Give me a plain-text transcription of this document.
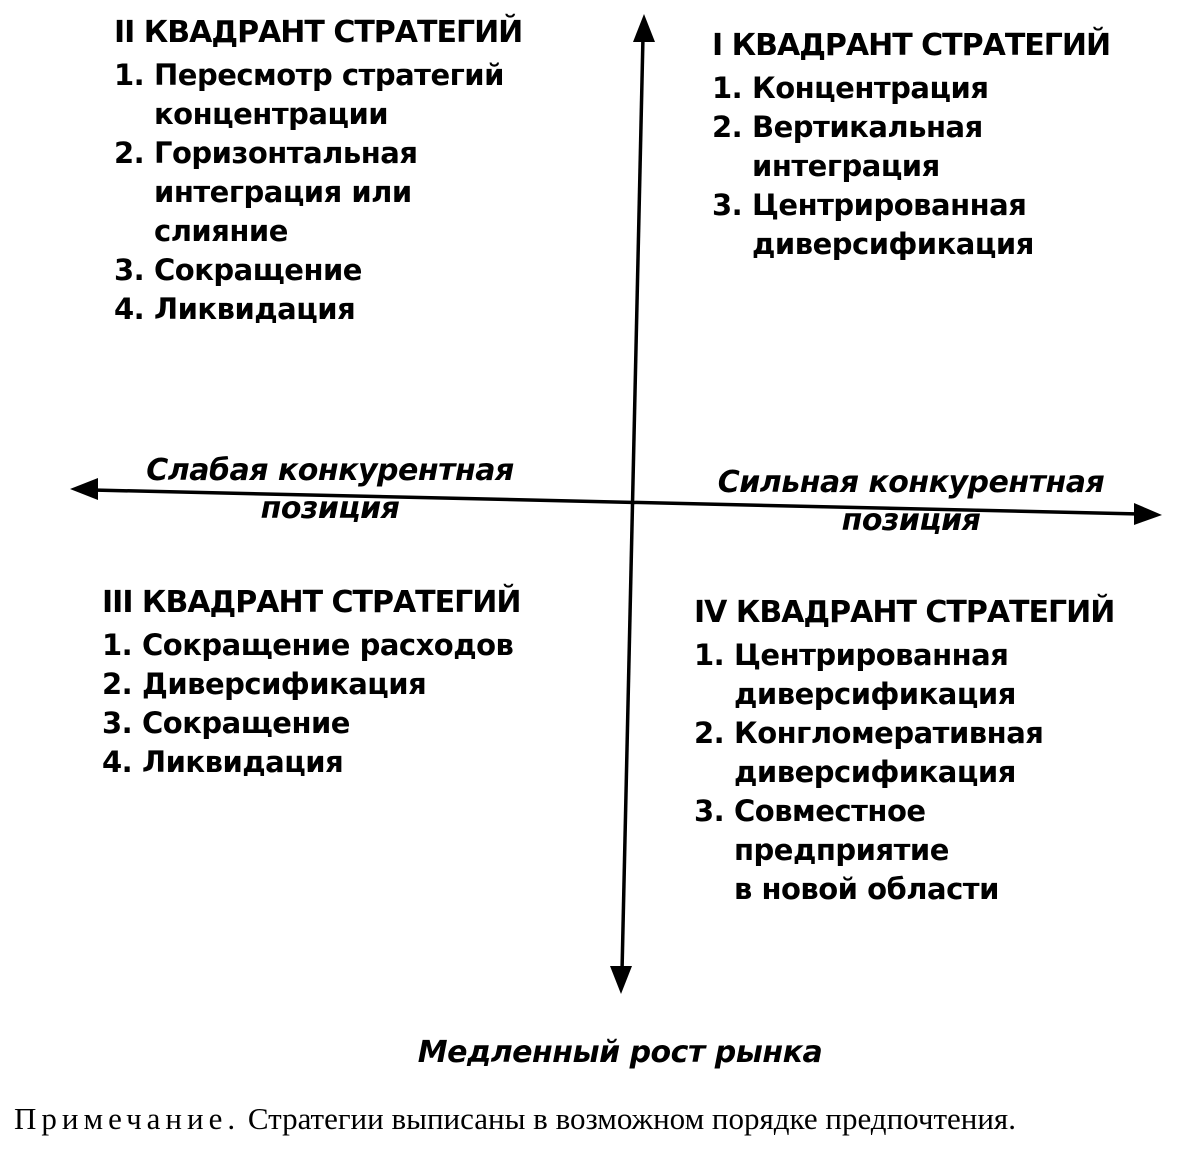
II КВАДРАНТ СТРАТЕГИЙ
1. Пересмотр стратегий
концентрации
2. Горизонтальная
интеграция или
слияние
3. Сокращение
4. Ликвидация
I КВАДРАНТ СТРАТЕГИЙ
1. Концентрация
2. Вертикальная
интеграция
3. Центрированная
диверсификация
III КВАДРАНТ СТРАТЕГИЙ
1. Сокращение расходов
2. Диверсификация
3. Сокращение
4. Ликвидация
IV КВАДРАНТ СТРАТЕГИЙ
1. Центрированная
диверсификация
2. Конгломеративная
диверсификация
3. Совместное
предприятие
в новой области
Слабая конкурентная
позиция
Сильная конкурентная
позиция
Медленный рост рынка
Примечание. Стратегии выписаны в возможном порядке предпочтения.
